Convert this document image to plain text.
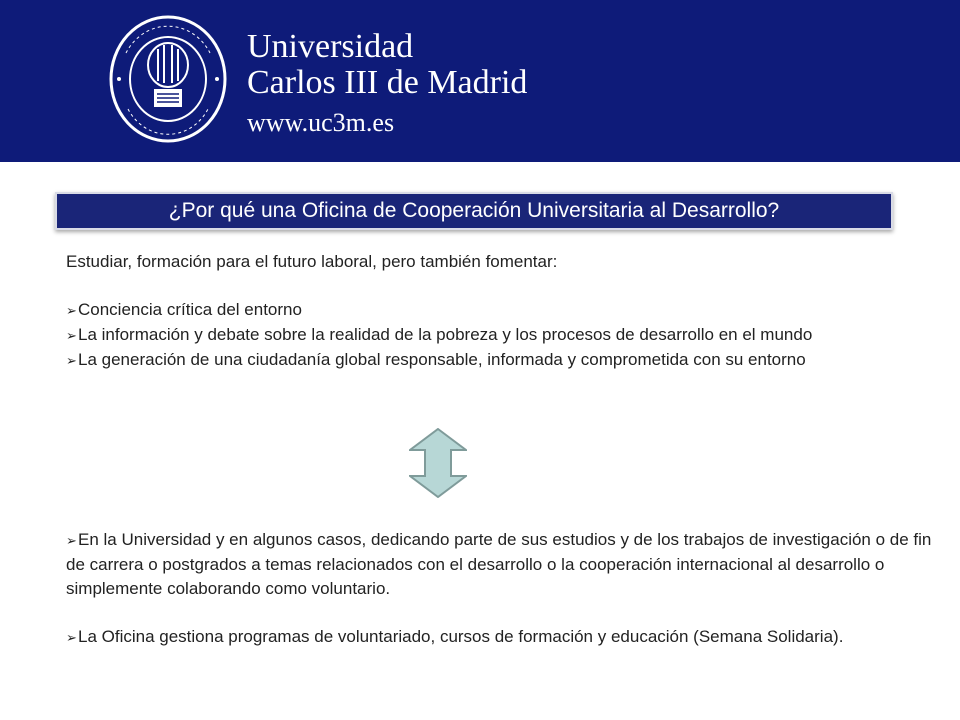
Universidad
Carlos III de Madrid
www.uc3m.es
¿Por qué una Oficina de Cooperación Universitaria al Desarrollo?
Estudiar, formación para el futuro laboral, pero también fomentar:
➢Conciencia crítica del entorno
➢La información y debate sobre la realidad de la pobreza y los procesos de desarrollo en el mundo
➢La generación de una ciudadanía global responsable, informada y comprometida con su entorno
➢En la Universidad y en algunos casos, dedicando parte de sus estudios y de los trabajos de investigación o de fin de carrera o postgrados a temas relacionados con el desarrollo o la cooperación internacional al desarrollo o simplemente colaborando como voluntario.
➢La Oficina gestiona programas de voluntariado, cursos de formación y educación (Semana Solidaria).
